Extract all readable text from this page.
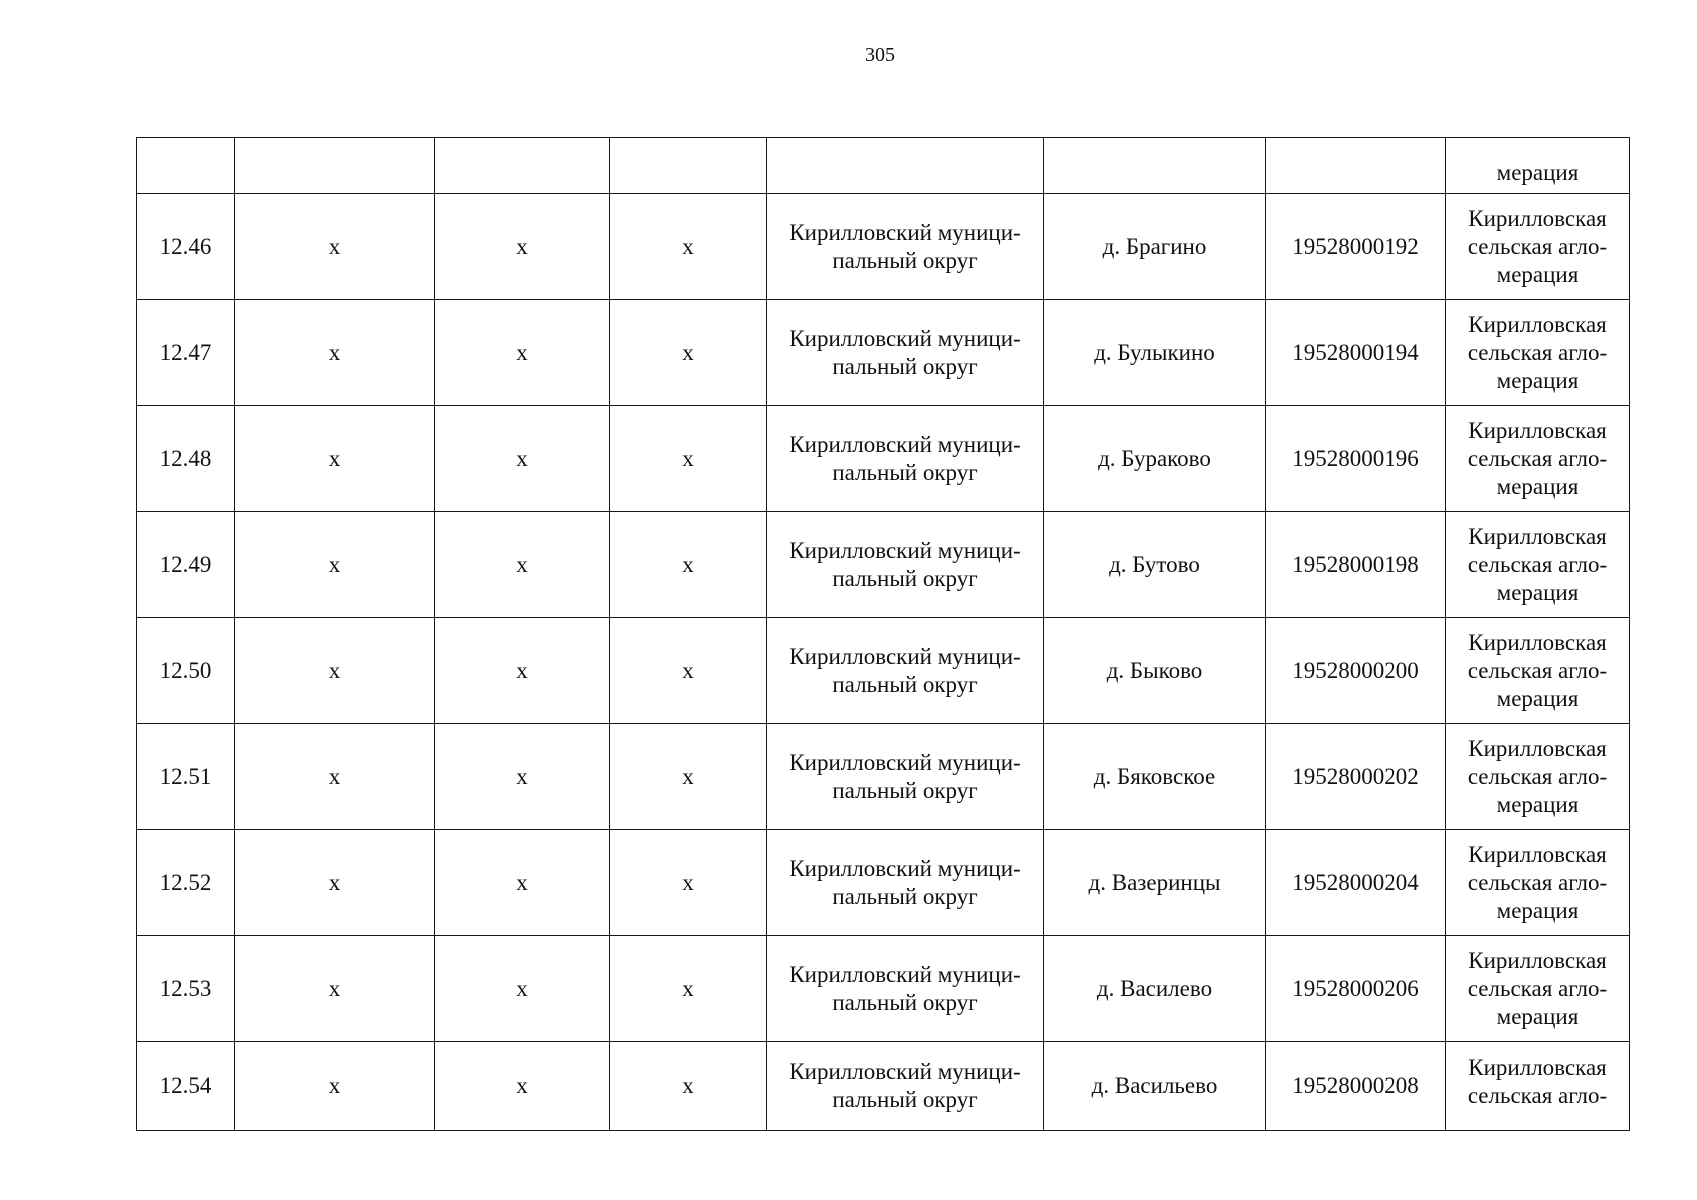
305
							мерация
12.46	x	x	x	Кирилловский муници-пальный округ	д. Брагино	19528000192	Кирилловская сельская агло-мерация
12.47	x	x	x	Кирилловский муници-пальный округ	д. Булыкино	19528000194	Кирилловская сельская агло-мерация
12.48	x	x	x	Кирилловский муници-пальный округ	д. Бураково	19528000196	Кирилловская сельская агло-мерация
12.49	x	x	x	Кирилловский муници-пальный округ	д. Бутово	19528000198	Кирилловская сельская агло-мерация
12.50	x	x	x	Кирилловский муници-пальный округ	д. Быково	19528000200	Кирилловская сельская агло-мерация
12.51	x	x	x	Кирилловский муници-пальный округ	д. Бяковское	19528000202	Кирилловская сельская агло-мерация
12.52	x	x	x	Кирилловский муници-пальный округ	д. Вазеринцы	19528000204	Кирилловская сельская агло-мерация
12.53	x	x	x	Кирилловский муници-пальный округ	д. Василево	19528000206	Кирилловская сельская агло-мерация
12.54	x	x	x	Кирилловский муници-пальный округ	д. Васильево	19528000208	Кирилловская сельская агло-
